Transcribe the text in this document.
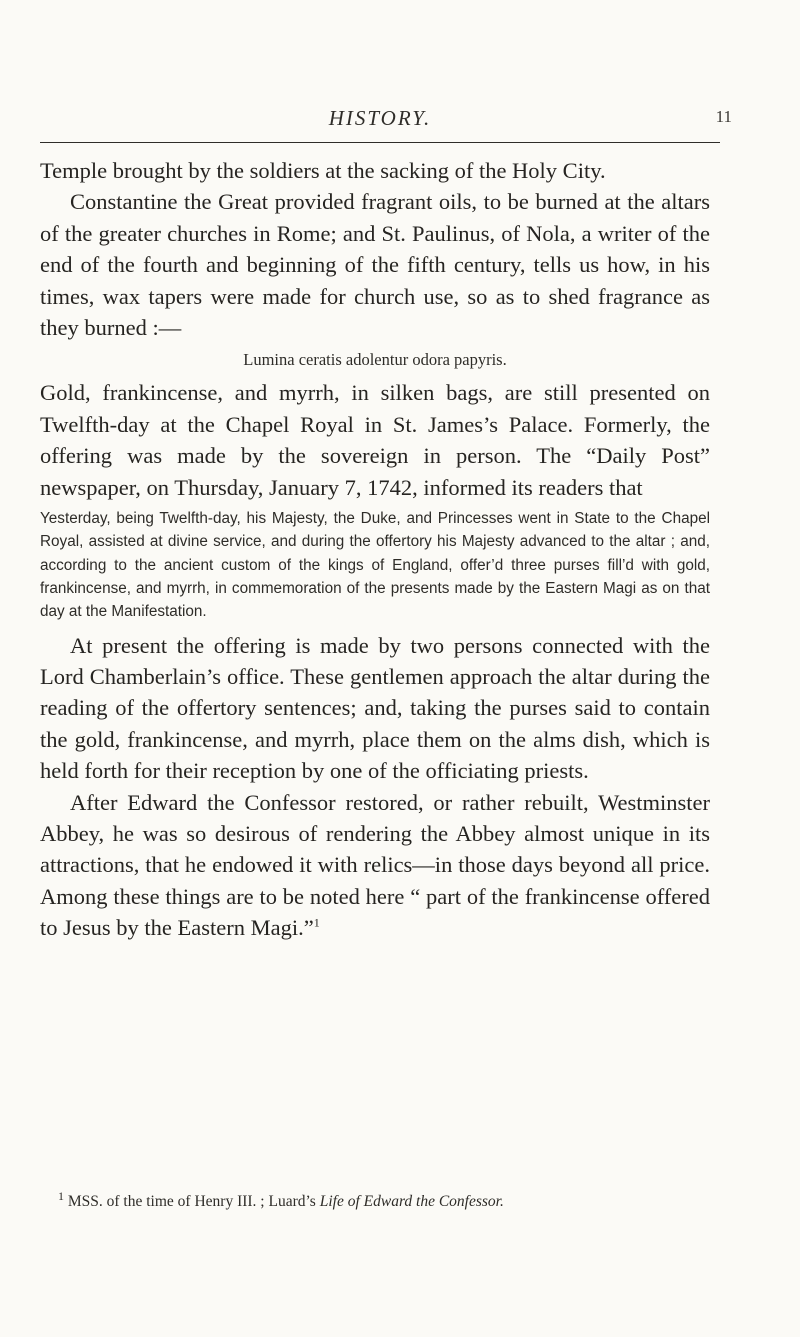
HISTORY.	11

Temple brought by the soldiers at the sacking of the Holy City.

Constantine the Great provided fragrant oils, to be burned at the altars of the greater churches in Rome; and St. Paulinus, of Nola, a writer of the end of the fourth and beginning of the fifth century, tells us how, in his times, wax tapers were made for church use, so as to shed fragrance as they burned :—

Lumina ceratis adolentur odora papyris.

Gold, frankincense, and myrrh, in silken bags, are still presented on Twelfth-day at the Chapel Royal in St. James’s Palace. Formerly, the offering was made by the sovereign in person. The “Daily Post” newspaper, on Thursday, January 7, 1742, informed its readers that

Yesterday, being Twelfth-day, his Majesty, the Duke, and Princesses went in State to the Chapel Royal, assisted at divine service, and during the offertory his Majesty advanced to the altar ; and, according to the ancient custom of the kings of England, offer’d three purses fill’d with gold, frankincense, and myrrh, in commemoration of the presents made by the Eastern Magi as on that day at the Manifestation.

At present the offering is made by two persons connected with the Lord Chamberlain’s office. These gentlemen approach the altar during the reading of the offertory sentences; and, taking the purses said to contain the gold, frankincense, and myrrh, place them on the alms dish, which is held forth for their reception by one of the officiating priests.

After Edward the Confessor restored, or rather rebuilt, Westminster Abbey, he was so desirous of rendering the Abbey almost unique in its attractions, that he endowed it with relics—in those days beyond all price. Among these things are to be noted here “ part of the frankincense offered to Jesus by the Eastern Magi.”$^1$

$^1$ MSS. of the time of Henry III. ; Luard’s Life of Edward the Confessor.
